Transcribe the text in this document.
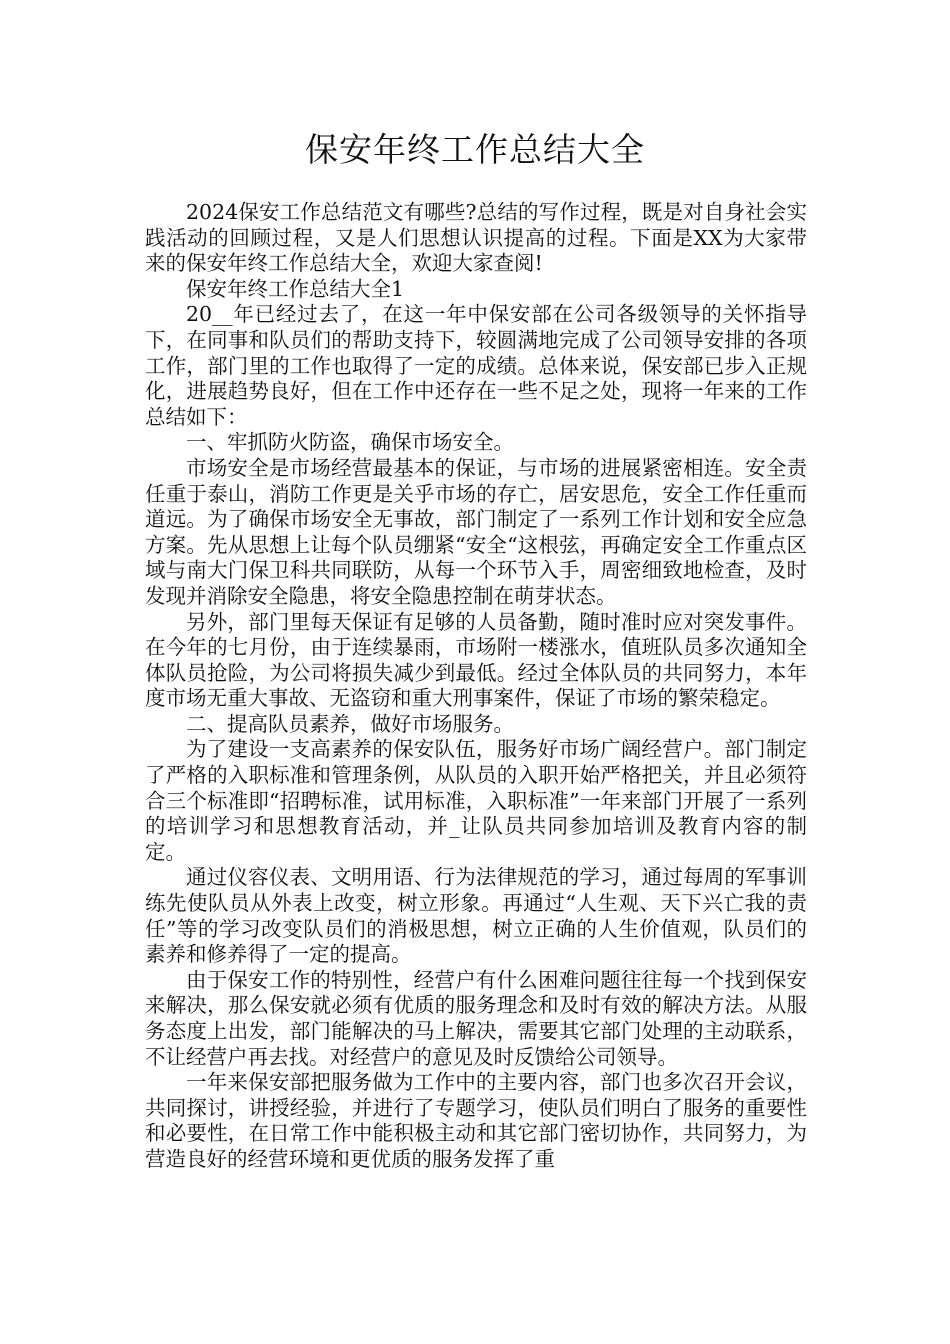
保安年终工作总结大全

2024保安工作总结范文有哪些?总结的写作过程，既是对自身社会实践活动的回顾过程，又是人们思想认识提高的过程。下面是XX为大家带来的保安年终工作总结大全，欢迎大家查阅!

保安年终工作总结大全1

20__年已经过去了，在这一年中保安部在公司各级领导的关怀指导下，在同事和队员们的帮助支持下，较圆满地完成了公司领导安排的各项工作，部门里的工作也取得了一定的成绩。总体来说，保安部已步入正规化，进展趋势良好，但在工作中还存在一些不足之处，现将一年来的工作总结如下：

一、牢抓防火防盗，确保市场安全。

市场安全是市场经营最基本的保证，与市场的进展紧密相连。安全责任重于泰山，消防工作更是关乎市场的存亡，居安思危，安全工作任重而道远。为了确保市场安全无事故，部门制定了一系列工作计划和安全应急方案。先从思想上让每个队员绷紧“安全“这根弦，再确定安全工作重点区域与南大门保卫科共同联防，从每一个环节入手，周密细致地检查，及时发现并消除安全隐患，将安全隐患控制在萌芽状态。

另外，部门里每天保证有足够的人员备勤，随时准时应对突发事件。在今年的七月份，由于连续暴雨，市场附一楼涨水，值班队员多次通知全体队员抢险，为公司将损失减少到最低。经过全体队员的共同努力，本年度市场无重大事故、无盗窃和重大刑事案件，保证了市场的繁荣稳定。

二、提高队员素养，做好市场服务。

为了建设一支高素养的保安队伍，服务好市场广阔经营户。部门制定了严格的入职标准和管理条例，从队员的入职开始严格把关，并且必须符合三个标准即“招聘标准，试用标准，入职标准”一年来部门开展了一系列的培训学习和思想教育活动，并_让队员共同参加培训及教育内容的制定。

通过仪容仪表、文明用语、行为法律规范的学习，通过每周的军事训练先使队员从外表上改变，树立形象。再通过“人生观、天下兴亡我的责任”等的学习改变队员们的消极思想，树立正确的人生价值观，队员们的素养和修养得了一定的提高。

由于保安工作的特别性，经营户有什么困难问题往往每一个找到保安来解决，那么保安就必须有优质的服务理念和及时有效的解决方法。从服务态度上出发，部门能解决的马上解决，需要其它部门处理的主动联系，不让经营户再去找。对经营户的意见及时反馈给公司领导。

一年来保安部把服务做为工作中的主要内容，部门也多次召开会议，共同探讨，讲授经验，并进行了专题学习，使队员们明白了服务的重要性和必要性，在日常工作中能积极主动和其它部门密切协作，共同努力，为营造良好的经营环境和更优质的服务发挥了重
